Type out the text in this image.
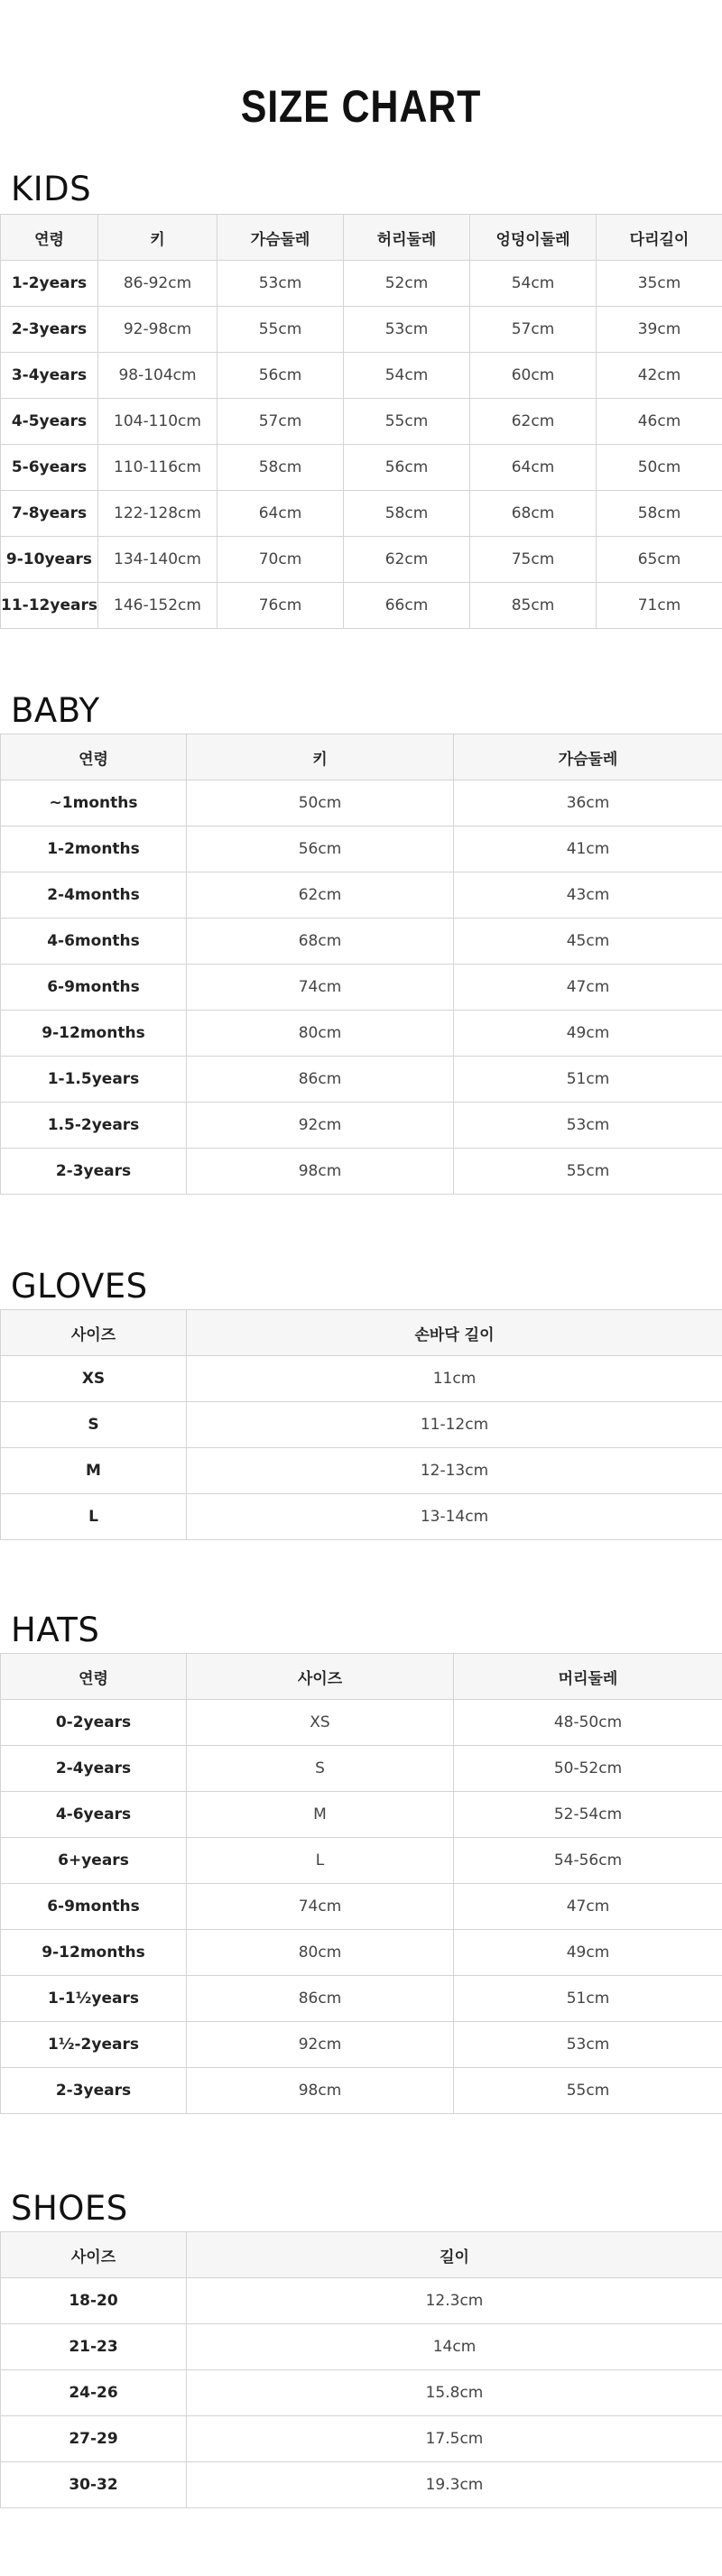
SIZE CHART
KIDS
연령	키	가슴둘레	허리둘레	엉덩이둘레	다리길이
1-2years	86-92cm	53cm	52cm	54cm	35cm
2-3years	92-98cm	55cm	53cm	57cm	39cm
3-4years	98-104cm	56cm	54cm	60cm	42cm
4-5years	104-110cm	57cm	55cm	62cm	46cm
5-6years	110-116cm	58cm	56cm	64cm	50cm
7-8years	122-128cm	64cm	58cm	68cm	58cm
9-10years	134-140cm	70cm	62cm	75cm	65cm
11-12years	146-152cm	76cm	66cm	85cm	71cm
BABY
연령	키	가슴둘레
~1months	50cm	36cm
1-2months	56cm	41cm
2-4months	62cm	43cm
4-6months	68cm	45cm
6-9months	74cm	47cm
9-12months	80cm	49cm
1-1.5years	86cm	51cm
1.5-2years	92cm	53cm
2-3years	98cm	55cm
GLOVES
사이즈	손바닥 길이
XS	11cm
S	11-12cm
M	12-13cm
L	13-14cm
HATS
연령	사이즈	머리둘레
0-2years	XS	48-50cm
2-4years	S	50-52cm
4-6years	M	52-54cm
6+years	L	54-56cm
6-9months	74cm	47cm
9-12months	80cm	49cm
1-1½years	86cm	51cm
1½-2years	92cm	53cm
2-3years	98cm	55cm
SHOES
사이즈	길이
18-20	12.3cm
21-23	14cm
24-26	15.8cm
27-29	17.5cm
30-32	19.3cm
